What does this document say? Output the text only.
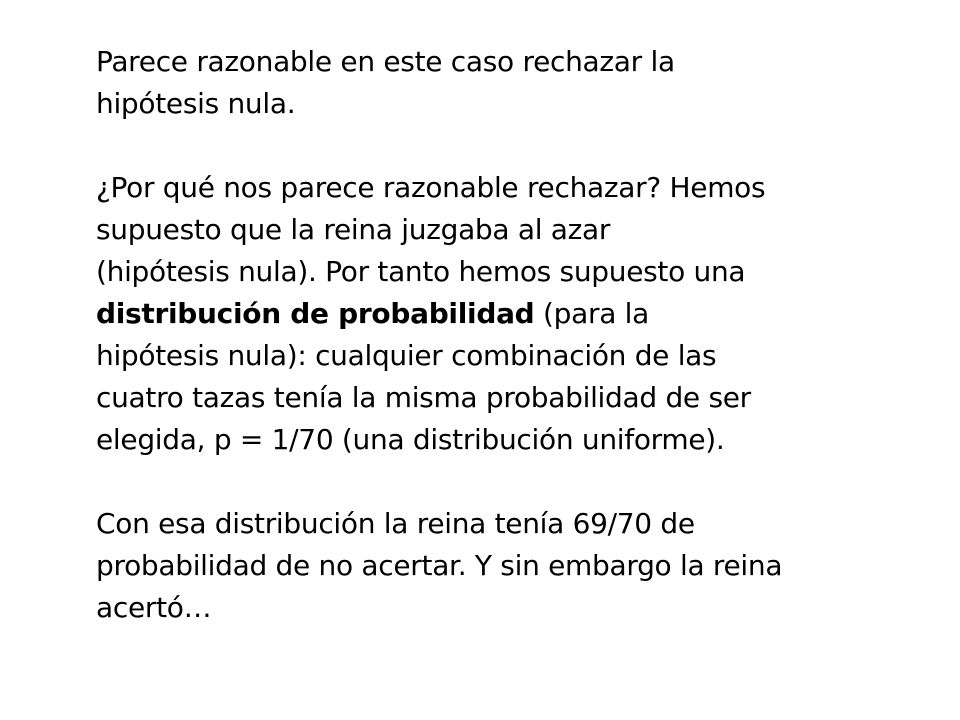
Parece razonable en este caso rechazar la
hipótesis nula.
¿Por qué nos parece razonable rechazar? Hemos
supuesto que la reina juzgaba al azar
(hipótesis nula). Por tanto hemos supuesto una
distribución de probabilidad (para la
hipótesis nula): cualquier combinación de las
cuatro tazas tenía la misma probabilidad de ser
elegida, p = 1/70 (una distribución uniforme).
Con esa distribución la reina tenía 69/70 de
probabilidad de no acertar. Y sin embargo la reina
acertó…
